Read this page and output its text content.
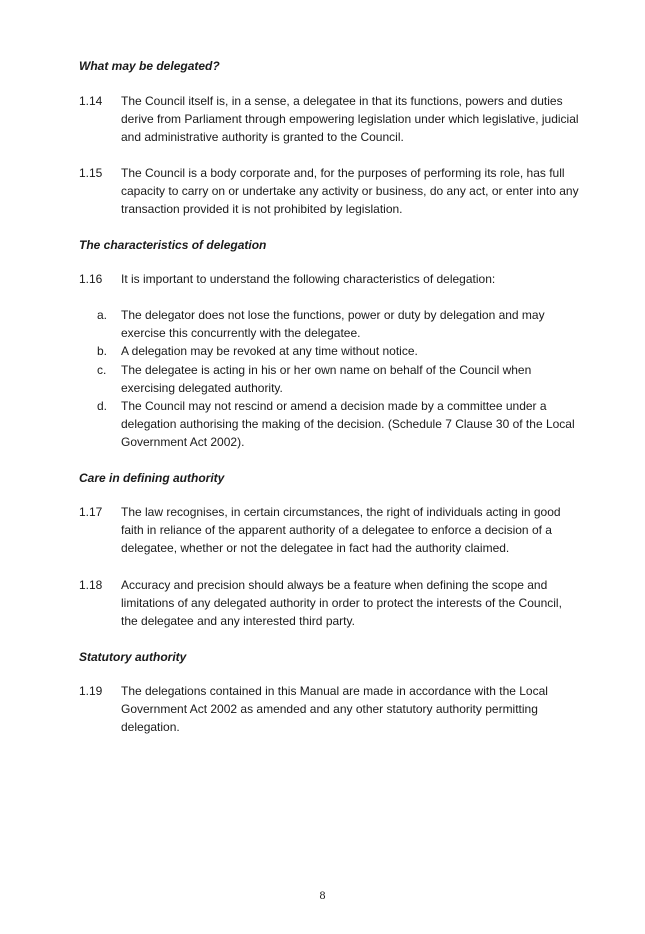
What may be delegated?
1.14	The Council itself is, in a sense, a delegatee in that its functions, powers and duties derive from Parliament through empowering legislation under which legislative, judicial and administrative authority is granted to the Council.
1.15	The Council is a body corporate and, for the purposes of performing its role, has full capacity to carry on or undertake any activity or business, do any act, or enter into any transaction provided it is not prohibited by legislation.
The characteristics of delegation
1.16	It is important to understand the following characteristics of delegation:
a.	The delegator does not lose the functions, power or duty by delegation and may exercise this concurrently with the delegatee.
b.	A delegation may be revoked at any time without notice.
c.	The delegatee is acting in his or her own name on behalf of the Council when exercising delegated authority.
d.	The Council may not rescind or amend a decision made by a committee under a delegation authorising the making of the decision. (Schedule 7 Clause 30 of the Local Government Act 2002).
Care in defining authority
1.17	The law recognises, in certain circumstances, the right of individuals acting in good faith in reliance of the apparent authority of a delegatee to enforce a decision of a delegatee, whether or not the delegatee in fact had the authority claimed.
1.18	Accuracy and precision should always be a feature when defining the scope and limitations of any delegated authority in order to protect the interests of the Council, the delegatee and any interested third party.
Statutory authority
1.19	The delegations contained in this Manual are made in accordance with the Local Government Act 2002 as amended and any other statutory authority permitting delegation.
8
